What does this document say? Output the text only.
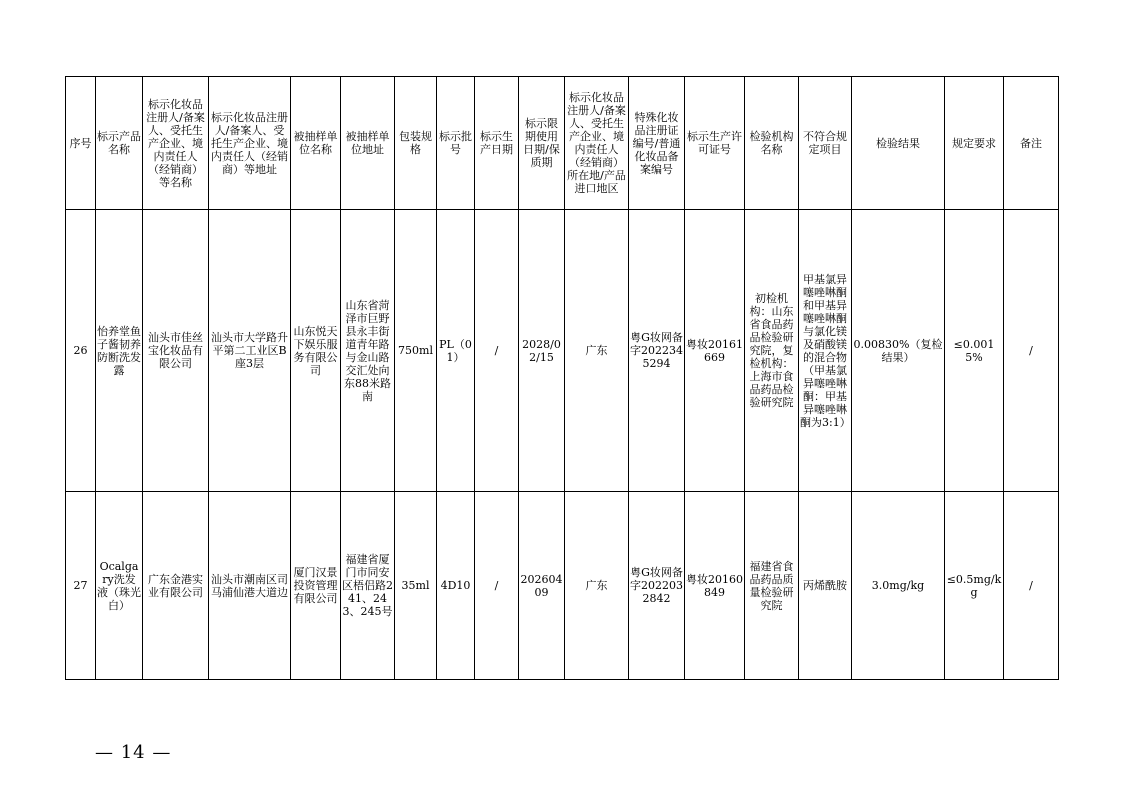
序号	标示产品名称	标示化妆品注册人/备案人、受托生产企业、境内责任人（经销商）等名称	标示化妆品注册人/备案人、受托生产企业、境内责任人（经销商）等地址	被抽样单位名称	被抽样单位地址	包装规格	标示批号	标示生产日期	标示限期使用日期/保质期	标示化妆品注册人/备案人、受托生产企业、境内责任人（经销商）所在地/产品进口地区	特殊化妆品注册证编号/普通化妆品备案编号	标示生产许可证号	检验机构名称	不符合规定项目	检验结果	规定要求	备注
26	怡养堂鱼子酱韧养防断洗发露	汕头市佳丝宝化妆品有限公司	汕头市大学路升平第二工业区B座3层	山东悦天下娱乐服务有限公司	山东省菏泽市巨野县永丰街道青年路与金山路交汇处向东88米路南	750ml	PL（01）	/	2028/02/15	广东	粤G妆网备字2022345294	粤妆20161669	初检机构：山东省食品药品检验研究院，复检机构：上海市食品药品检验研究院	甲基氯异噻唑啉酮和甲基异噻唑啉酮与氯化镁及硝酸镁的混合物（甲基氯异噻唑啉酮：甲基异噻唑啉酮为3:1）	0.00830%（复检结果）	≤0.0015%	/
27	Ocalgary洗发液（珠光白）	广东金港实业有限公司	汕头市潮南区司马浦仙港大道边	厦门汉景投资管理有限公司	福建省厦门市同安区梧侣路241、243、245号	35ml	4D10	/	20260409	广东	粤G妆网备字2022032842	粤妆20160849	福建省食品药品质量检验研究院	丙烯酰胺	3.0mg/kg	≤0.5mg/kg	/
— 14 —
